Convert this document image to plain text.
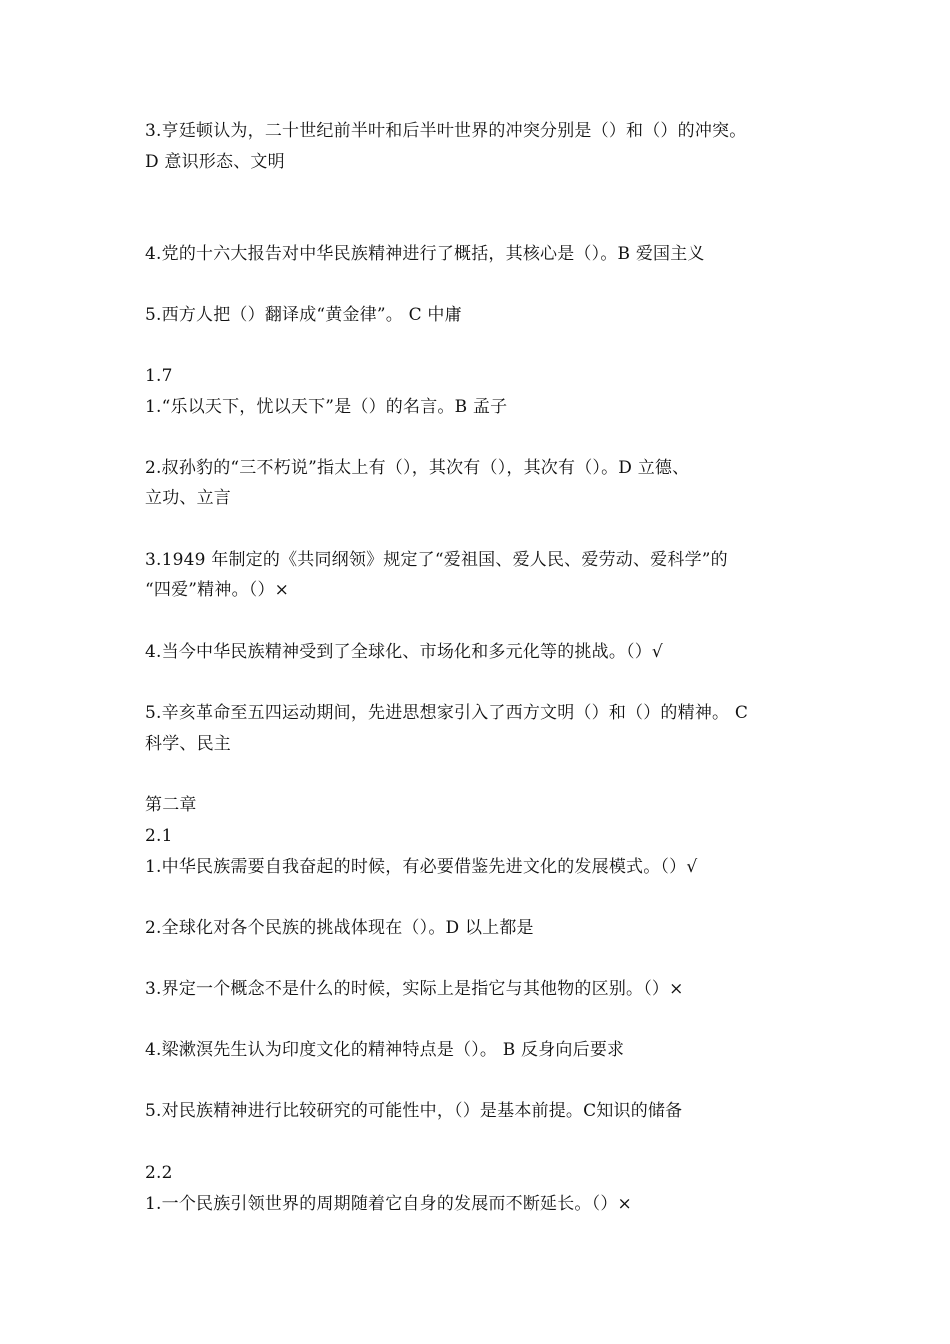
3.亨廷顿认为，二十世纪前半叶和后半叶世界的冲突分别是（）和（）的冲突。
D 意识形态、文明
4.党的十六大报告对中华民族精神进行了概括，其核心是（）。B 爱国主义
5.西方人把（）翻译成“黄金律”。 C 中庸
1.7
1.“乐以天下，忧以天下”是（）的名言。B 孟子
2.叔孙豹的“三不朽说”指太上有（），其次有（），其次有（）。D 立德、
立功、立言
3.1949 年制定的《共同纲领》规定了“爱祖国、爱人民、爱劳动、爱科学”的
“四爱”精神。（）×
4.当今中华民族精神受到了全球化、市场化和多元化等的挑战。（）√
5.辛亥革命至五四运动期间，先进思想家引入了西方文明（）和（）的精神。 C
科学、民主
第二章
2.1
1.中华民族需要自我奋起的时候，有必要借鉴先进文化的发展模式。（）√
2.全球化对各个民族的挑战体现在（）。D 以上都是
3.界定一个概念不是什么的时候，实际上是指它与其他物的区别。（）×
4.梁漱溟先生认为印度文化的精神特点是（）。 B 反身向后要求
5.对民族精神进行比较研究的可能性中，（）是基本前提。C知识的储备
2.2
1.一个民族引领世界的周期随着它自身的发展而不断延长。（）×
